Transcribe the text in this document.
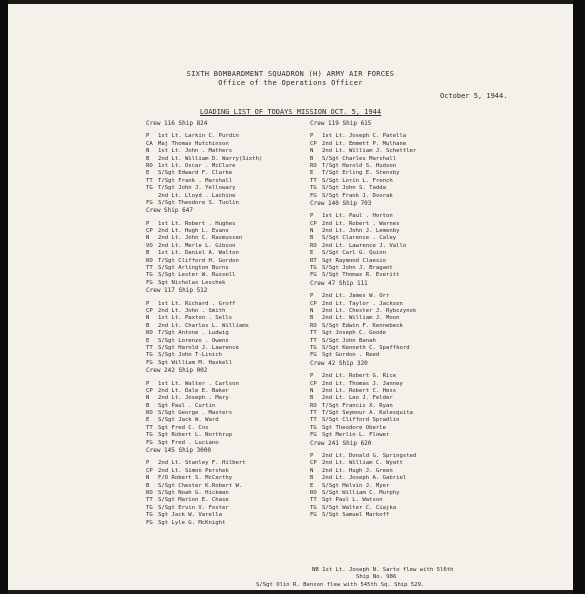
SIXTH BOMBARDMENT SQUADRON (H) ARMY AIR FORCES
Office of the Operations Officer
October 5, 1944.
LOADING LIST OF TODAYS MISSION OCT. 5, 1944
Crew 116 Ship 824
P 1st Lt. Larkin C. Purdin
CA Maj Thomas Hutchinson
N 1st Lt. John . Mathers
B 2nd Lt. William D. Warry(Sixth)
RO 1st Lt. Oscar . McClure
E S/Sgt Edward F. Clarke
TT T/Sgt Frank . Marshall
TG T/Sgt John J. Yellowary
2nd Lt. Lloyd . Lachine
FG S/Sgt Theodore S. Tuolin
Crew Ship 647
P 1st Lt. Robert . Hughes
CP 2nd Lt. Hugh L. Evans
N 2nd Lt. John C. Rasmussen
VO 2nd Lt. Merle L. Gibson
B 1st Lt. Daniel A. Walton
RO T/Sgt Clifford H. Gordon
TT S/Sgt Arlington Burns
TG S/Sgt Lester W. Russell
FG Sgt Nicholas Leschek
Crew 117 Ship 512
P 1st Lt. Richard . Groff
CP 2nd Lt. John . Smith
N 1st Lt. Paxton . Sells
B 2nd Lt. Charles L. Williams
RO T/Sgt Antone . Ludwig
E S/Sgt Lorenzo . Owens
TT S/Sgt Harold J. Lawrence
TG S/Sgt John T-Linich
FG Sgt William M. Haskell
Crew 242 Ship 002
P 1st Lt. Walter . Carlson
CP 2nd Lt. Dale E. Baker
N 2nd Lt. Joseph . Mary
B Sgt Paul . Curtin
RO S/Sgt George . Masters
E S/Sgt Jack W. Ward
TT Sgt Fred C. Cox
TG Sgt Robert L. Northrup
FG Sgt Fred . Luciano
Crew 145 Ship 3000
P 2nd Lt. Stanley F. Hilbert
CP 2nd Lt. Simon Pershek
N F/O Robert S. McCarthy
B S/Sgt Chester K.Robert W.
RO S/Sgt Noah G. Hickman
TT S/Sgt Marion E. Chase
TG S/Sgt Ervin V. Foster
TG Sgt Jack W. Varella
FG Sgt Lyle G. McKnight
Crew 119 Ship 615
P 1st Lt. Joseph C. Patella
CP 2nd Lt. Emmett P. Mulhane
N 2nd Lt. William J. Schettler
B S/Sgt Charles Marshall
RO T/Sgt Harold S. Hudson
E T/Sgt Erling E. Stensby
TT S/Sgt Lorin L. French
TG S/Sgt John S. Tadda
FG S/Sgt Frank J. Dvorak
Crew 140 Ship 703
P 1st Lt. Paul . Horton
CP 2nd Lt. Robert . Warnes
N 2nd Lt. John J. Lemenby
B S/Sgt Clarence . Caley
RO 2nd Lt. Lawrence J. Vallo
E S/Sgt Carl G. Quinn
RT Sgt Raymond Claesio
TG S/Sgt John J. Bragant
FG S/Sgt Thomas R. Everitt
Crew 47 Ship 111
P 2nd Lt. James W. Orr
CP 2nd Lt. Taylor . Jackson
N 2nd Lt. Chester J. Rybczynsk
B 2nd Lt. William J. Moon
RO S/Sgt Edwin F. Kennebeck
TT Sgt Joseph C. Goode
TT S/Sgt John Banah
TG S/Sgt Kenneth C. Spaffkord
FG Sgt Gordon . Reed
Crew 42 Ship 320
P 2nd Lt. Robert G. Rice
CP 2nd Lt. Thomas J. Janney
N 2nd Lt. Robert C. Hess
B 2nd Lt. Leo J. Felder
RO T/Sgt Francis X. Ryan
TT T/Sgt Seymour A. Kalesquita
TT S/Sgt Clifford Spradlin
TG Sgt Theodore Oberle
FG Sgt Merlin L. Flower
Crew 241 Ship 620
P 2nd Lt. Donald G. Springsted
CP 2nd Lt. William C. Wyatt
N 2nd Lt. Hugh J. Green
B 2nd Lt. Joseph A. Gabriel
E S/Sgt Melvin J. Myer
RO S/Sgt William C. Murphy
TT Sgt Paul L. Watson
TG S/Sgt Walter C. Ciajka
FG S/Sgt Samuel Markoff
NB 1st Lt. Joseph N. Sarto flew with 5l6th
Ship No. 986
S/Sgt Olin R. Benson flew with 545th Sq. Ship 529.
